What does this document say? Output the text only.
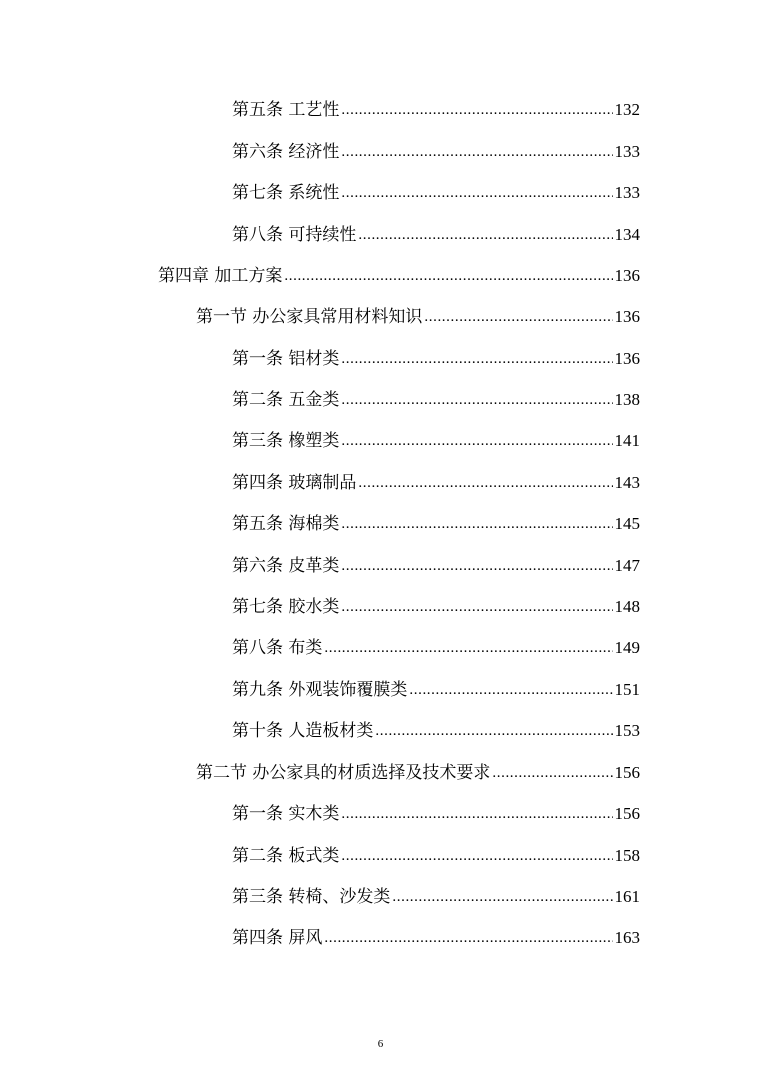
第五条 工艺性 .....	132
第六条 经济性 .....	133
第七条 系统性 .....	133
第八条 可持续性 .....	134
第四章 加工方案 .....	136
第一节 办公家具常用材料知识 .....	136
第一条 铝材类 .....	136
第二条 五金类 .....	138
第三条 橡塑类 .....	141
第四条 玻璃制品 .....	143
第五条 海棉类 .....	145
第六条 皮革类 .....	147
第七条 胶水类 .....	148
第八条 布类 .....	149
第九条 外观装饰覆膜类 .....	151
第十条 人造板材类 .....	153
第二节 办公家具的材质选择及技术要求 .....	156
第一条 实木类 .....	156
第二条 板式类 .....	158
第三条 转椅、沙发类 .....	161
第四条 屏风 .....	163
6
